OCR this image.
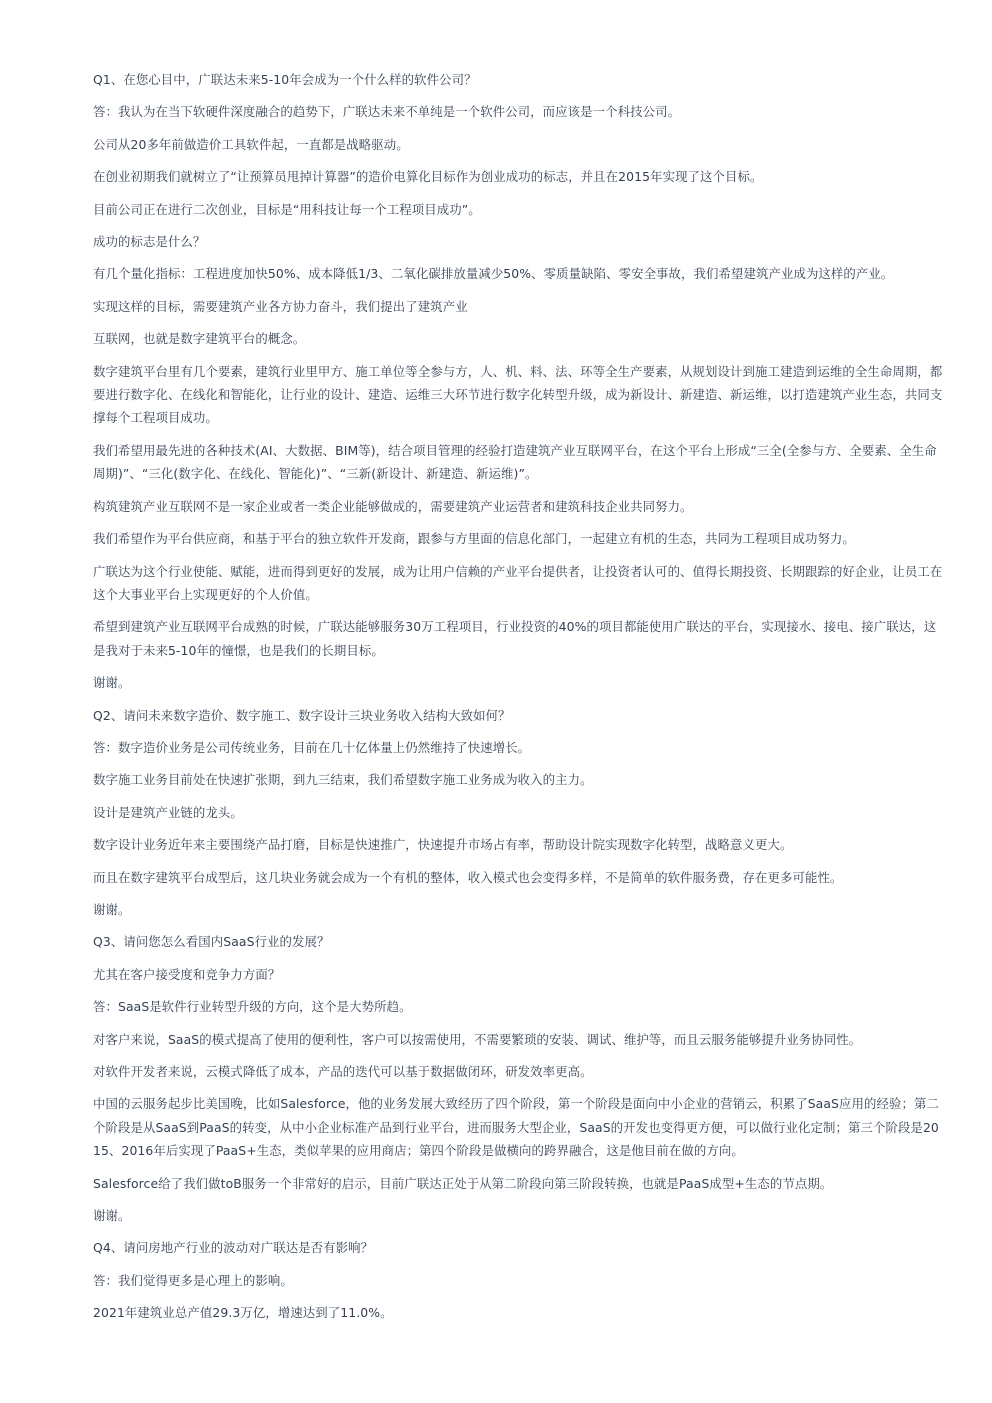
Q1、在您心目中，广联达未来5-10年会成为一个什么样的软件公司？

答：我认为在当下软硬件深度融合的趋势下，广联达未来不单纯是一个软件公司，而应该是一个科技公司。

公司从20多年前做造价工具软件起，一直都是战略驱动。

在创业初期我们就树立了“让预算员甩掉计算器”的造价电算化目标作为创业成功的标志，并且在2015年实现了这个目标。

目前公司正在进行二次创业，目标是“用科技让每一个工程项目成功”。

成功的标志是什么？

有几个量化指标：工程进度加快50%、成本降低1/3、二氧化碳排放量减少50%、零质量缺陷、零安全事故，我们希望建筑产业成为这样的产业。

实现这样的目标，需要建筑产业各方协力奋斗，我们提出了建筑产业

互联网，也就是数字建筑平台的概念。

数字建筑平台里有几个要素，建筑行业里甲方、施工单位等全参与方，人、机、料、法、环等全生产要素，从规划设计到施工建造到运维的全生命周期，都要进行数字化、在线化和智能化，让行业的设计、建造、运维三大环节进行数字化转型升级，成为新设计、新建造、新运维，以打造建筑产业生态，共同支撑每个工程项目成功。

我们希望用最先进的各种技术(AI、大数据、BIM等)，结合项目管理的经验打造建筑产业互联网平台，在这个平台上形成“三全(全参与方、全要素、全生命周期)”、“三化(数字化、在线化、智能化)”、“三新(新设计、新建造、新运维)”。

构筑建筑产业互联网不是一家企业或者一类企业能够做成的，需要建筑产业运营者和建筑科技企业共同努力。

我们希望作为平台供应商，和基于平台的独立软件开发商，跟参与方里面的信息化部门，一起建立有机的生态，共同为工程项目成功努力。

广联达为这个行业使能、赋能，进而得到更好的发展，成为让用户信赖的产业平台提供者，让投资者认可的、值得长期投资、长期跟踪的好企业，让员工在这个大事业平台上实现更好的个人价值。

希望到建筑产业互联网平台成熟的时候，广联达能够服务30万工程项目，行业投资的40%的项目都能使用广联达的平台，实现接水、接电、接广联达，这是我对于未来5-10年的憧憬，也是我们的长期目标。

谢谢。

Q2、请问未来数字造价、数字施工、数字设计三块业务收入结构大致如何？

答：数字造价业务是公司传统业务，目前在几十亿体量上仍然维持了快速增长。

数字施工业务目前处在快速扩张期，到九三结束，我们希望数字施工业务成为收入的主力。

设计是建筑产业链的龙头。

数字设计业务近年来主要围绕产品打磨，目标是快速推广，快速提升市场占有率，帮助设计院实现数字化转型，战略意义更大。

而且在数字建筑平台成型后，这几块业务就会成为一个有机的整体，收入模式也会变得多样，不是简单的软件服务费，存在更多可能性。

谢谢。

Q3、请问您怎么看国内SaaS行业的发展？

尤其在客户接受度和竞争力方面？

答：SaaS是软件行业转型升级的方向，这个是大势所趋。

对客户来说，SaaS的模式提高了使用的便利性，客户可以按需使用，不需要繁琐的安装、调试、维护等，而且云服务能够提升业务协同性。

对软件开发者来说，云模式降低了成本，产品的迭代可以基于数据做闭环，研发效率更高。

中国的云服务起步比美国晚，比如Salesforce，他的业务发展大致经历了四个阶段，第一个阶段是面向中小企业的营销云，积累了SaaS应用的经验；第二个阶段是从SaaS到PaaS的转变，从中小企业标准产品到行业平台，进而服务大型企业，SaaS的开发也变得更方便，可以做行业化定制；第三个阶段是2015、2016年后实现了PaaS+生态，类似苹果的应用商店；第四个阶段是做横向的跨界融合，这是他目前在做的方向。

Salesforce给了我们做toB服务一个非常好的启示，目前广联达正处于从第二阶段向第三阶段转换，也就是PaaS成型+生态的节点期。

谢谢。

Q4、请问房地产行业的波动对广联达是否有影响？

答：我们觉得更多是心理上的影响。

2021年建筑业总产值29.3万亿，增速达到了11.0%。
